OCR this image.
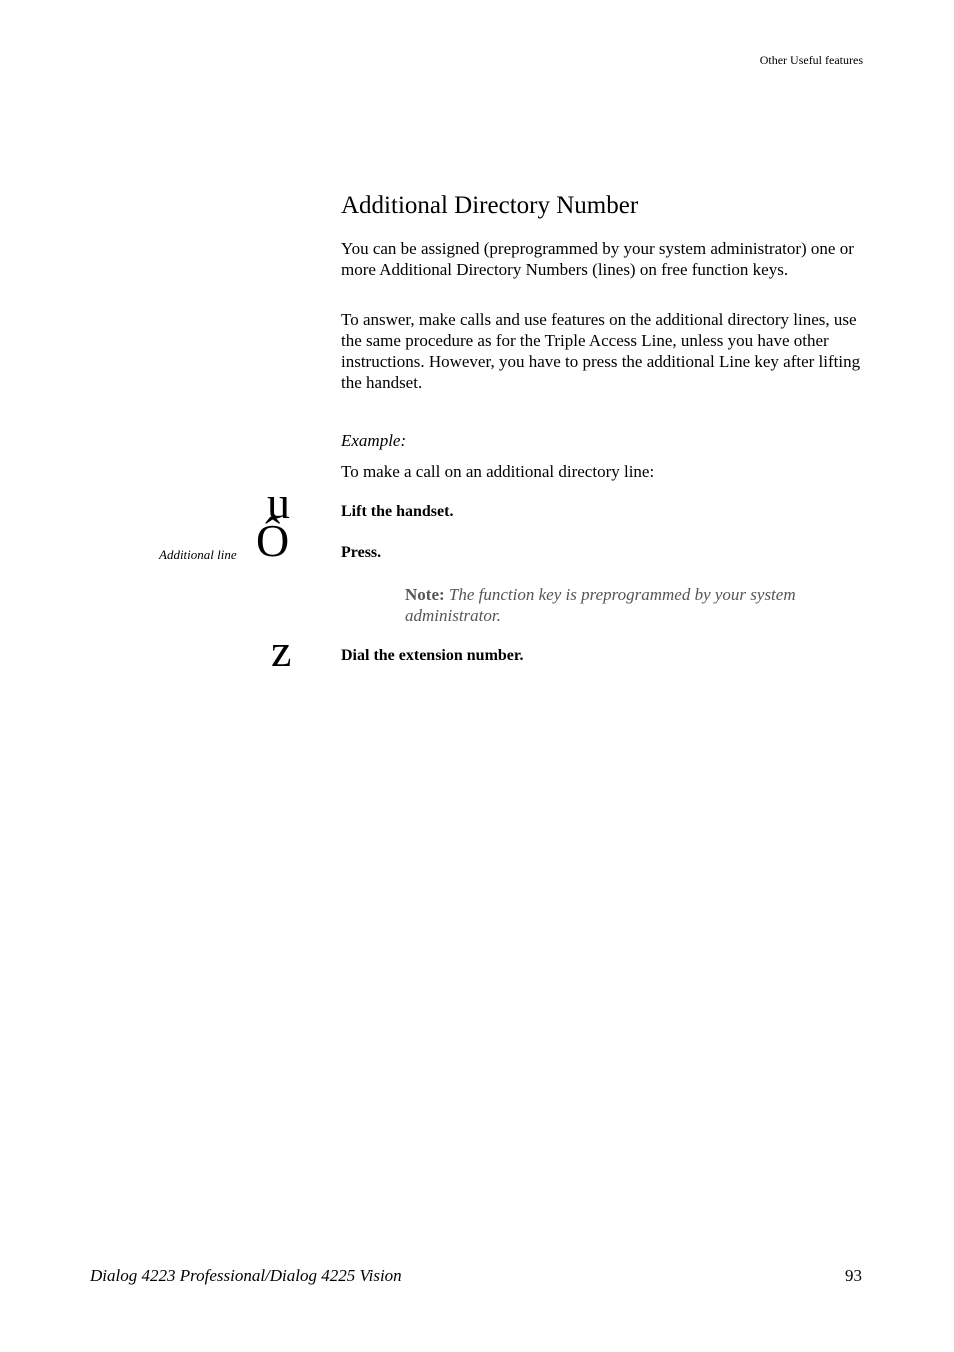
Other Useful features
Additional Directory Number

You can be assigned (preprogrammed by your system administrator) one or more Additional Directory Numbers (lines) on free function keys.

To answer, make calls and use features on the additional directory lines, use the same procedure as for the Triple Access Line, unless you have other instructions. However, you have to press the additional Line key after lifting the handset.

Example:
To make a call on an additional directory line:
u	Lift the handset.
Additional line Ô	Press.
Note: The function key is preprogrammed by your system administrator.
z	Dial the extension number.
Dialog 4223 Professional/Dialog 4225 Vision	93
